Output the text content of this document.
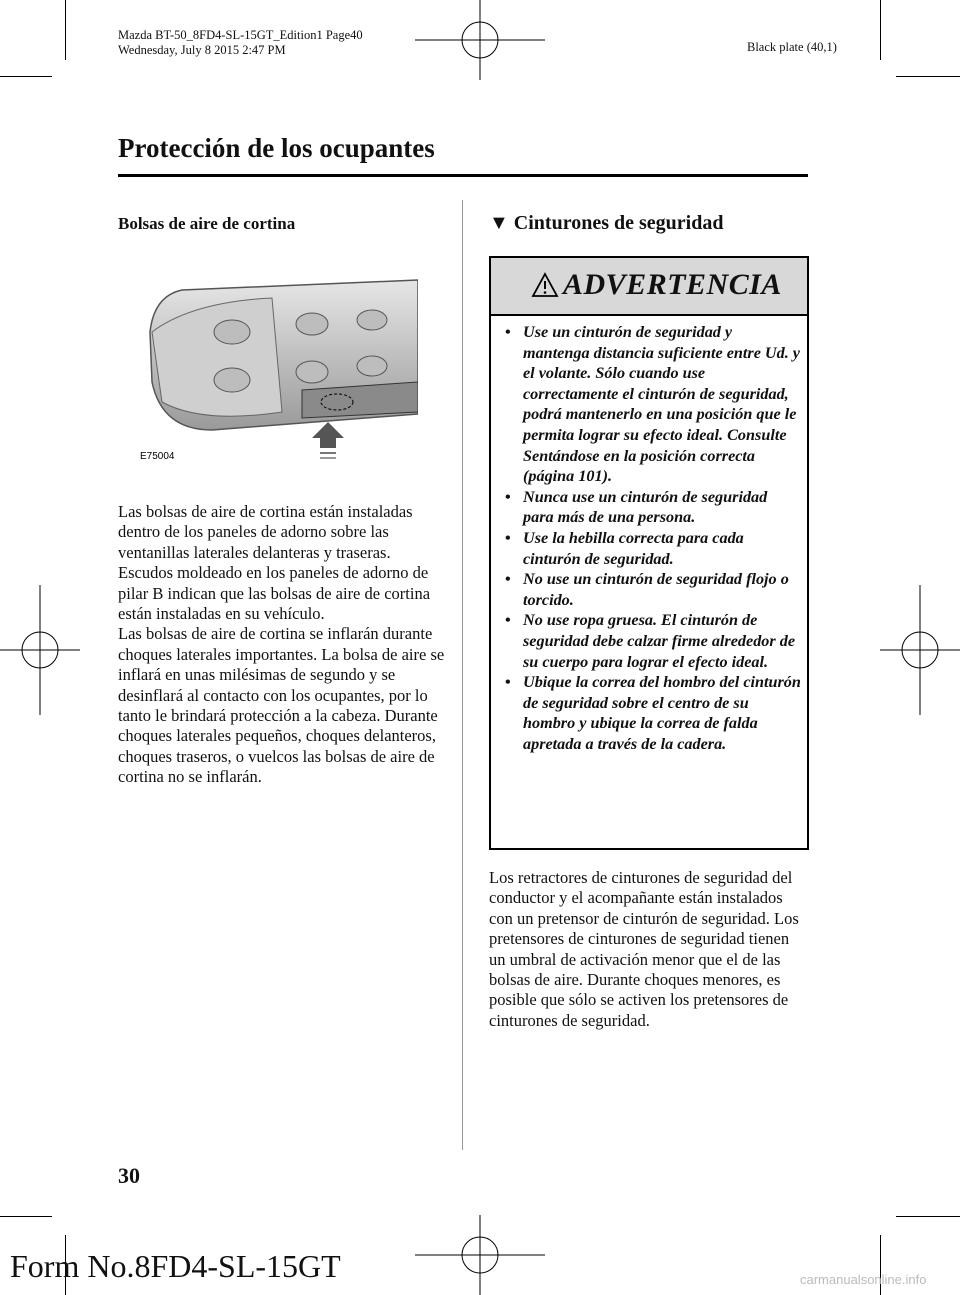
Mazda BT-50_8FD4-SL-15GT_Edition1 Page40
Wednesday, July 8 2015 2:47 PM	Black plate (40,1)
Protección de los ocupantes
Bolsas de aire de cortina
E75004

Las bolsas de aire de cortina están instaladas dentro de los paneles de adorno sobre las ventanillas laterales delanteras y traseras. Escudos moldeado en los paneles de adorno de pilar B indican que las bolsas de aire de cortina están instaladas en su vehículo.

Las bolsas de aire de cortina se inflarán durante choques laterales importantes. La bolsa de aire se inflará en unas milésimas de segundo y se desinflará al contacto con los ocupantes, por lo tanto le brindará protección a la cabeza. Durante choques laterales pequeños, choques delanteros, choques traseros, o vuelcos las bolsas de aire de cortina no se inflarán.

▼ Cinturones de seguridad
ADVERTENCIA
• Use un cinturón de seguridad y mantenga distancia suficiente entre Ud. y el volante. Sólo cuando use correctamente el cinturón de seguridad, podrá mantenerlo en una posición que le permita lograr su efecto ideal. Consulte Sentándose en la posición correcta (página 101).
• Nunca use un cinturón de seguridad para más de una persona.
• Use la hebilla correcta para cada cinturón de seguridad.
• No use un cinturón de seguridad flojo o torcido.
• No use ropa gruesa. El cinturón de seguridad debe calzar firme alrededor de su cuerpo para lograr el efecto ideal.
• Ubique la correa del hombro del cinturón de seguridad sobre el centro de su hombro y ubique la correa de falda apretada a través de la cadera.
Los retractores de cinturones de seguridad del conductor y el acompañante están instalados con un pretensor de cinturón de seguridad. Los pretensores de cinturones de seguridad tienen un umbral de activación menor que el de las bolsas de aire. Durante choques menores, es posible que sólo se activen los pretensores de cinturones de seguridad.
30
Form No.8FD4-SL-15GT	carmanualsonline.info
